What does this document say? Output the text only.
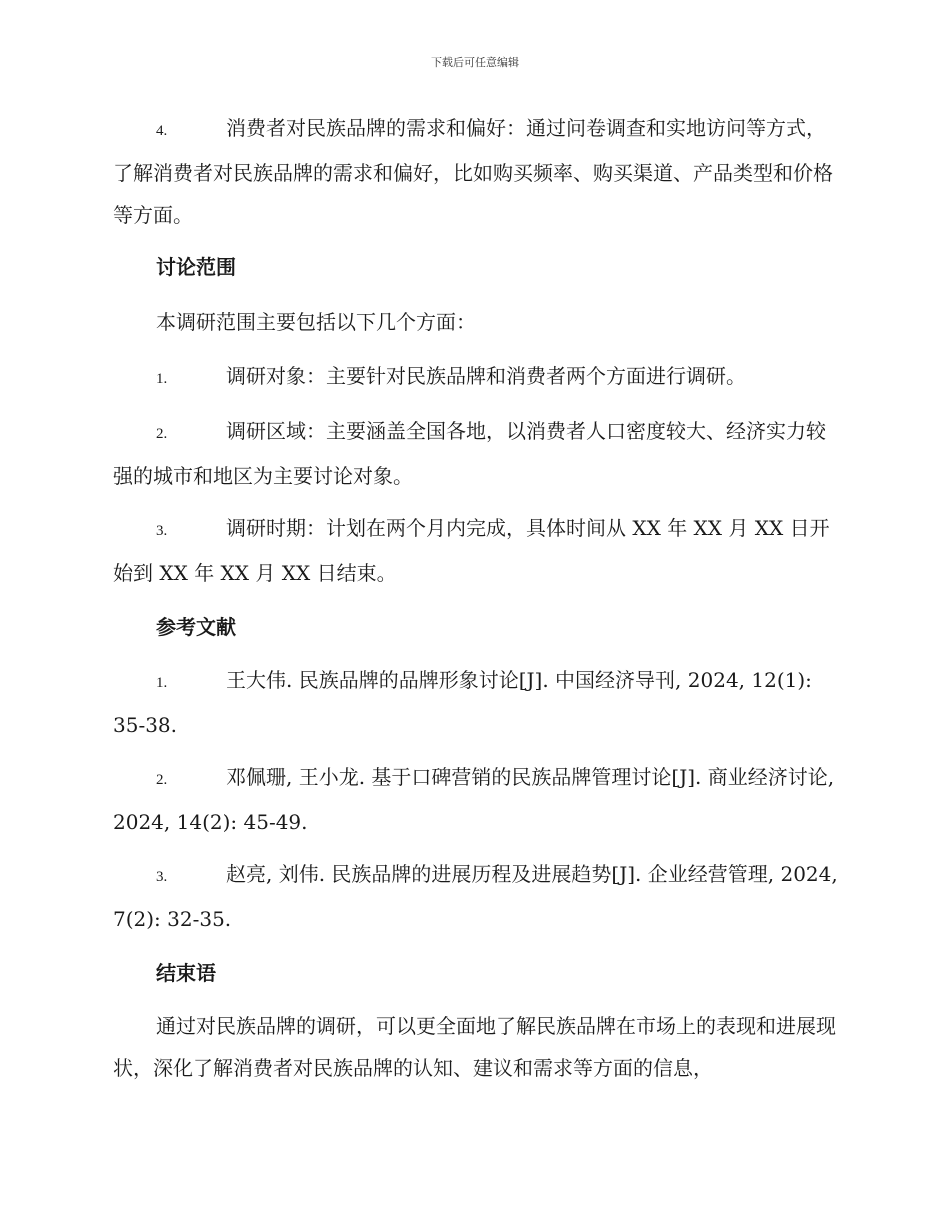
下载后可任意编辑
4.	消费者对民族品牌的需求和偏好：通过问卷调查和实地访问等方式，了解消费者对民族品牌的需求和偏好，比如购买频率、购买渠道、产品类型和价格等方面。
讨论范围
本调研范围主要包括以下几个方面：
1.	调研对象：主要针对民族品牌和消费者两个方面进行调研。
2.	调研区域：主要涵盖全国各地，以消费者人口密度较大、经济实力较强的城市和地区为主要讨论对象。
3.	调研时期：计划在两个月内完成，具体时间从 XX 年 XX 月 XX 日开始到 XX 年 XX 月 XX 日结束。
参考文献
1.	王大伟. 民族品牌的品牌形象讨论[J]. 中国经济导刊, 2024, 12(1): 35-38.
2.	邓佩珊, 王小龙. 基于口碑营销的民族品牌管理讨论[J]. 商业经济讨论, 2024, 14(2): 45-49.
3.	赵亮, 刘伟. 民族品牌的进展历程及进展趋势[J]. 企业经营管理, 2024, 7(2): 32-35.
结束语
通过对民族品牌的调研，可以更全面地了解民族品牌在市场上的表现和进展现状，深化了解消费者对民族品牌的认知、建议和需求等方面的信息，
